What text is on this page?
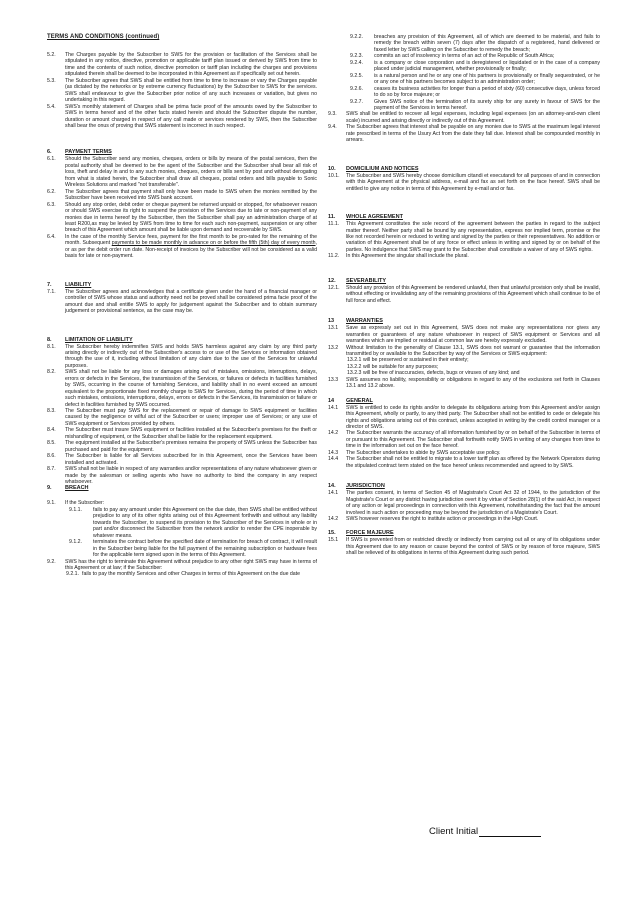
TERMS AND CONDITIONS (continued)
5.2.	The Charges payable by the Subscriber to SWS for the provision or facilitation of the Services shall be stipulated in any notice, directive, promotion or applicable tariff plan issued or derived by SWS from time to time and the contents of such notice, directive promotion or tariff plan including the charges and provisions stipulated therein shall be deemed to be incorporated in this Agreement as if specifically set out herein.
5.3.	The Subscriber agrees that SWS shall be entitled from time to time to increase or vary the Charges payable (as dictated by the networks or by extreme currency fluctuations) by the Subscriber to SWS for the services. SWS shall endeavour to give the Subscriber prior notice of any such increases or variation, but gives no undertaking in this regard.
5.4.	SWS's monthly statement of Charges shall be prima facie proof of the amounts owed by the Subscriber to SWS in terms hereof and of the other facts stated herein and should the Subscriber dispute the number, duration or amount charged in respect of any call made or services rendered by SWS, then the Subscriber shall bear the onus of proving that SWS statement is incorrect in such respect.
6.	PAYMENT TERMS
6.1.	Should the Subscriber send any monies, cheques, orders or bills by means of the postal services, then the postal authority shall be deemed to be the agent of the Subscriber and the Subscriber shall bear all risk of loss, theft and delay in and to any such monies, cheques, orders or bills sent by post and without derogating from what is stated herein, the Subscriber shall draw all cheques, postal orders and bills payable to Sonic Wireless Solutions and marked "not transferable".
6.2.	The Subscriber agrees that payment shall only have been made to SWS when the monies remitted by the Subscriber have been received into SWS bank account.
6.3.	Should any stop order, debit order or cheque payment be returned unpaid or stopped, for whatsoever reason or should SWS exercise its right to suspend the provision of the Services due to late or non-payment of any monies due in terms hereof by the Subscriber, then the Subscriber shall pay an administration charge of at least R200,as may be levied by SWS from time to time for each such non-payment, suspension or any other breach of this Agreement which amount shall be liable upon demand and recoverable by SWS.
6.4.	In the case of the monthly Service fees, payment for the first month to be pro-rated for the remaining of the month. Subsequent payments to be made monthly in advance on or before the fifth (5th) day of every month, or as per the debit order run date. Non-receipt of invoices by the Subscriber will not be considered as a valid basis for late or non-payment.
7.	LIABILITY
7.1.	The Subscriber agrees and acknowledges that a certificate given under the hand of a financial manager or controller of SWS whose status and authority need not be proved shall be considered prima facie proof of the amount due and shall entitle SWS to apply for judgement against the Subscriber and to obtain summary judgement or provisional sentence, as the case may be.
8.	LIMITATION OF LIABILITY
8.1.	The Subscriber hereby indemnifies SWS and holds SWS harmless against any claim by any third party arising directly or indirectly out of the Subscriber's access to or use of the Services or information obtained through the use of it, including without limitation of any claim due to the use of the Services for unlawful purposes.
8.2.	SWS shall not be liable for any loss or damages arising out of mistakes, omissions, interruptions, delays, errors or defects in the Services, the transmission of the Services, or failures or defects in facilities furnished by SWS, occurring in the course of furnishing Services, and liability shall in no event exceed an amount equivalent to the proportionate fixed monthly charge to SWS for Services, during the period of time in which such mistakes, omissions, interruptions, delays, errors or defects in the Services, its transmission or failure or defect in facilities furnished by SWS occurred.
8.3.	The Subscriber must pay SWS for the replacement or repair of damage to SWS equipment or facilities caused by the negligence or wilful act of the Subscriber or users; improper use of Services; or any use of SWS equipment or Services provided by others.
8.4.	The Subscriber must insure SWS equipment or facilities installed at the Subscriber's premises for the theft or mishandling of equipment, or the Subscriber shall be liable for the replacement equipment.
8.5.	The equipment installed at the Subscriber's premises remains the property of SWS unless the Subscriber has purchased and paid for the equipment.
8.6.	The Subscriber is liable for all Services subscribed for in this Agreement, once the Services have been installed and activated.
8.7.	SWS shall not be liable in respect of any warranties and/or representations of any nature whatsoever given or made by the salesman or selling agents who have no authority to bind the company in any respect whatsoever.
9.	BREACH
9.1.	If the Subscriber:
9.1.1.	fails to pay any amount under this Agreement on the due date, then SWS shall be entitled without prejudice to any of its other rights arising out of this Agreement forthwith and without any liability towards the Subscriber, to suspend its provision to the Subscriber of the Services in whole or in part and/or disconnect the Subscriber from the network and/or to render the CPE inoperable by whatever means.
9.1.2.	terminates the contract before the specified date of termination for breach of contract, it will result in the Subscriber being liable for the full payment of the remaining subscription or hardware fees for the applicable term signed upon in the terms of this Agreement.
9.2.	SWS has the right to terminate this Agreement without prejudice to any other right SWS may have in terms of this Agreement or at law; if the Subscriber:
9.2.1. fails to pay the monthly Services and other Charges in terms of this Agreement on the due date
9.2.2.	breaches any provision of this Agreement, all of which are deemed to be material, and fails to remedy the breach within seven (7) days after the dispatch of a registered, hand delivered or faxed letter by SWS calling on the Subscriber to remedy the breach;
9.2.3.	commits an act of insolvency in terms of an act of the Republic of South Africa;
9.2.4.	is a company or close corporation and is deregistered or liquidated or in the case of a company placed under judicial management, whether provisionally or finally;
9.2.5.	is a natural person and he or any one of his partners is provisionally or finally sequestrated, or he or any one of his partners becomes subject to an administration order;
9.2.6.	ceases its business activities for longer than a period of sixty (60) consecutive days, unless forced to do so by force majeure; or
9.2.7.	Gives SWS notice of the termination of its surety ship for any surety in favour of SWS for the payment of the Services in terms hereof.
9.3.	SWS shall be entitled to recover all legal expenses, including legal expenses (on an attorney-and-own client scale) incurred and arising directly or indirectly out of this Agreement.
9.4.	The Subscriber agrees that interest shall be payable on any monies due to SWS at the maximum legal interest rate prescribed in terms of the Usury Act from the date they fall due. Interest shall be compounded monthly in arrears.
10.	DOMICILIUM AND NOTICES
10.1.	The Subscriber and SWS hereby choose domicilium citandi et executandi for all purposes of and in connection with this Agreement at the physical address, e-mail and fax as set forth on the face hereof. SWS shall be entitled to give any notice in terms of this Agreement by e-mail and or fax.
11.	WHOLE AGREEMENT
11.1.	This Agreement constitutes the sole record of the agreement between the parties in regard to the subject matter thereof. Neither party shall be bound by any representation, express nor implied term, promise or the like not recorded herein or reduced to writing and signed by the parties or their representatives. No addition or variation of this Agreement shall be of any force or effect unless in writing and signed by or on behalf of the parties. No indulgence that SWS may grant to the Subscriber shall constitute a waiver of any of SWS rights.
11.2.	In this Agreement the singular shall include the plural.
12.	SEVERABILITY
12.1.	Should any provision of this Agreement be rendered unlawful, then that unlawful provision only shall be invalid, without effecting or invalidating any of the remaining provisions of this Agreement which shall continue to be of full force and effect.
13	WARRANTIES
13.1	Save as expressly set out in this Agreement, SWS does not make any representations nor gives any warranties or guarantees of any nature whatsoever in respect of SWS equipment or Services and all warranties which are implied or residual at common law are hereby expressly excluded.
13.2	Without limitation to the generality of Clause 13.1, SWS does not warrant or guarantee that the information transmitted by or available to the Subscriber by way of the Services or SWS equipment:
13.2.1 will be preserved or sustained in their entirety;
13.2.2 will be suitable for any purposes;
13.2.3 will be free of inaccuracies, defects, bugs or viruses of any kind; and
13.3	SWS assumes no liability, responsibility or obligations in regard to any of the exclusions set forth in Clauses 13.1 and 13.2 above.
14	GENERAL
14.1	SWS is entitled to cede its rights and/or to delegate its obligations arising from this Agreement and/or assign this Agreement, wholly or partly, to any third party. The Subscriber shall not be entitled to cede or delegate his rights and obligations arising out of this contract, unless accepted in writing by the credit control manager or a director of SWS.
14.2	The Subscriber warrants the accuracy of all information furnished by or on behalf of the Subscriber in terms of or pursuant to this Agreement. The Subscriber shall forthwith notify SWS in writing of any changes from time to time in the information set out on the face hereof.
14.3	The Subscriber undertakes to abide by SWS acceptable use policy.
14.4	The Subscriber shall not be entitled to migrate to a lower tariff plan as offered by the Network Operators during the stipulated contract term stated on the face hereof unless recommended and agreed to by SWS.
14.	JURISDICTION
14.1	The parties consent, in terms of Section 45 of Magistrate's Court Act 32 of 1944, to the jurisdiction of the Magistrate's Court or any district having jurisdiction overt it by virtue of Section 28(1) of the said Act, in respect of any action or legal proceedings in connection with this Agreement, notwithstanding the fact that the amount involved in such action or proceeding may be beyond the jurisdiction of a Magistrate's Court.
14.2	SWS however reserves the right to institute action or proceedings in the High Court.
15.	FORCE MAJEURE
15.1	If SWS is prevented from or restricted directly or indirectly from carrying out all or any of its obligations under this Agreement due to any reason or cause beyond the control of SWS or by reason of force majeure, SWS shall be relieved of its obligations in terms of this Agreement during such period.
Client Initial
